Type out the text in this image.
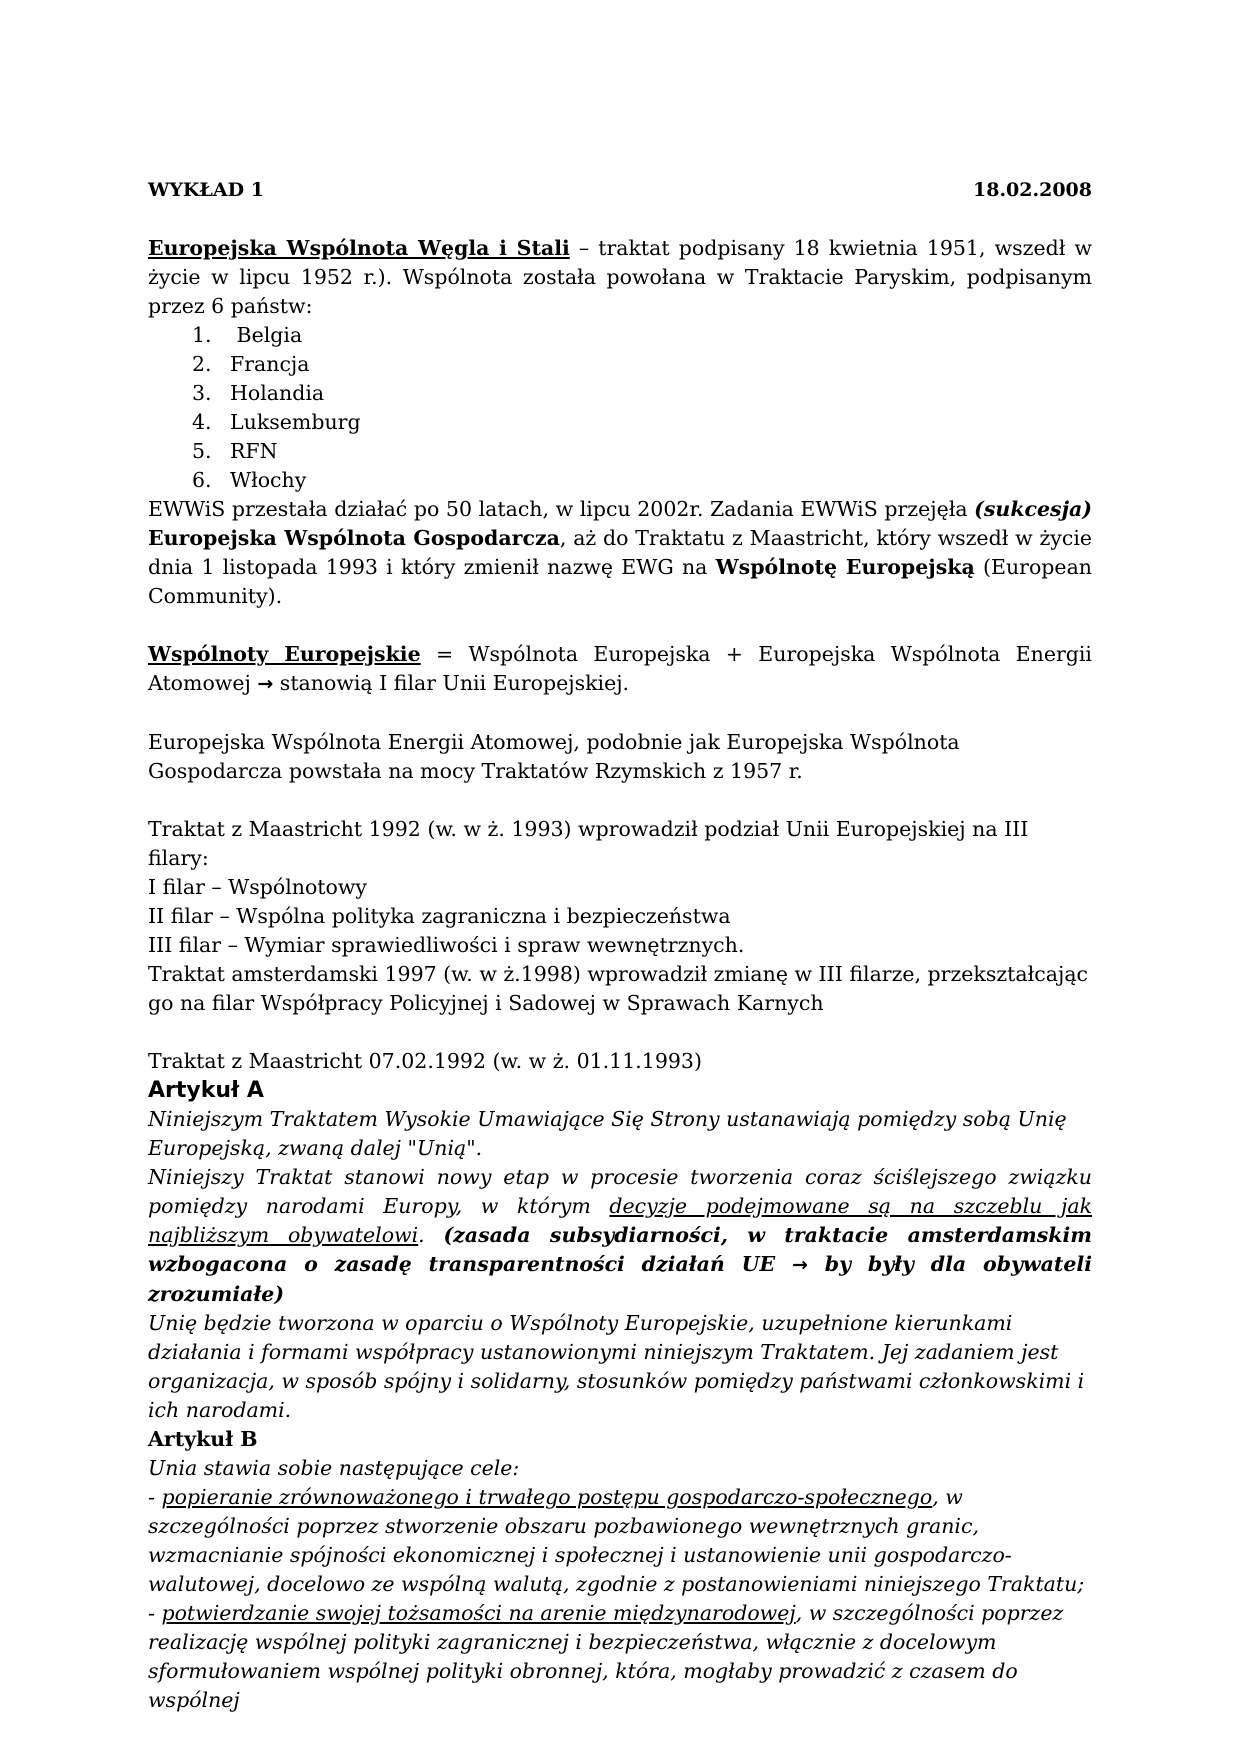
WYKŁAD 1	18.02.2008

Europejska Wspólnota Węgla i Stali – traktat podpisany 18 kwietnia 1951, wszedł w życie w lipcu 1952 r.). Wspólnota została powołana w Traktacie Paryskim, podpisanym przez 6 państw:

1. Belgia
2. Francja
3. Holandia
4. Luksemburg
5. RFN
6. Włochy

EWWiS przestała działać po 50 latach, w lipcu 2002r. Zadania EWWiS przejęła (sukcesja) Europejska Wspólnota Gospodarcza, aż do Traktatu z Maastricht, który wszedł w życie dnia 1 listopada 1993 i który zmienił nazwę EWG na Wspólnotę Europejską (European Community).

Wspólnoty Europejskie = Wspólnota Europejska + Europejska Wspólnota Energii Atomowej → stanowią I filar Unii Europejskiej.

Europejska Wspólnota Energii Atomowej, podobnie jak Europejska Wspólnota Gospodarcza powstała na mocy Traktatów Rzymskich z 1957 r.

Traktat z Maastricht 1992 (w. w ż. 1993) wprowadził podział Unii Europejskiej na III filary:

I filar – Wspólnotowy

II filar – Wspólna polityka zagraniczna i bezpieczeństwa

III filar – Wymiar sprawiedliwości i spraw wewnętrznych.

Traktat amsterdamski 1997 (w. w ż.1998) wprowadził zmianę w III filarze, przekształcając go na filar Współpracy Policyjnej i Sadowej w Sprawach Karnych

Traktat z Maastricht 07.02.1992 (w. w ż. 01.11.1993)

Artykuł A

Niniejszym Traktatem Wysokie Umawiające Się Strony ustanawiają pomiędzy sobą Unię Europejską, zwaną dalej "Unią".

Niniejszy Traktat stanowi nowy etap w procesie tworzenia coraz ściślejszego związku pomiędzy narodami Europy, w którym decyzje podejmowane są na szczeblu jak najbliższym obywatelowi. (zasada subsydiarności, w traktacie amsterdamskim wzbogacona o zasadę transparentności działań UE → by były dla obywateli zrozumiałe)

Unię będzie tworzona w oparciu o Wspólnoty Europejskie, uzupełnione kierunkami działania i formami współpracy ustanowionymi niniejszym Traktatem. Jej zadaniem jest organizacja, w sposób spójny i solidarny, stosunków pomiędzy państwami członkowskimi i ich narodami.

Artykuł B

Unia stawia sobie następujące cele:

- popieranie zrównoważonego i trwałego postępu gospodarczo-społecznego, w szczególności poprzez stworzenie obszaru pozbawionego wewnętrznych granic, wzmacnianie spójności ekonomicznej i społecznej i ustanowienie unii gospodarczo-walutowej, docelowo ze wspólną walutą, zgodnie z postanowieniami niniejszego Traktatu;

- potwierdzanie swojej tożsamości na arenie międzynarodowej, w szczególności poprzez realizację wspólnej polityki zagranicznej i bezpieczeństwa, włącznie z docelowym sformułowaniem wspólnej polityki obronnej, która, mogłaby prowadzić z czasem do wspólnej
